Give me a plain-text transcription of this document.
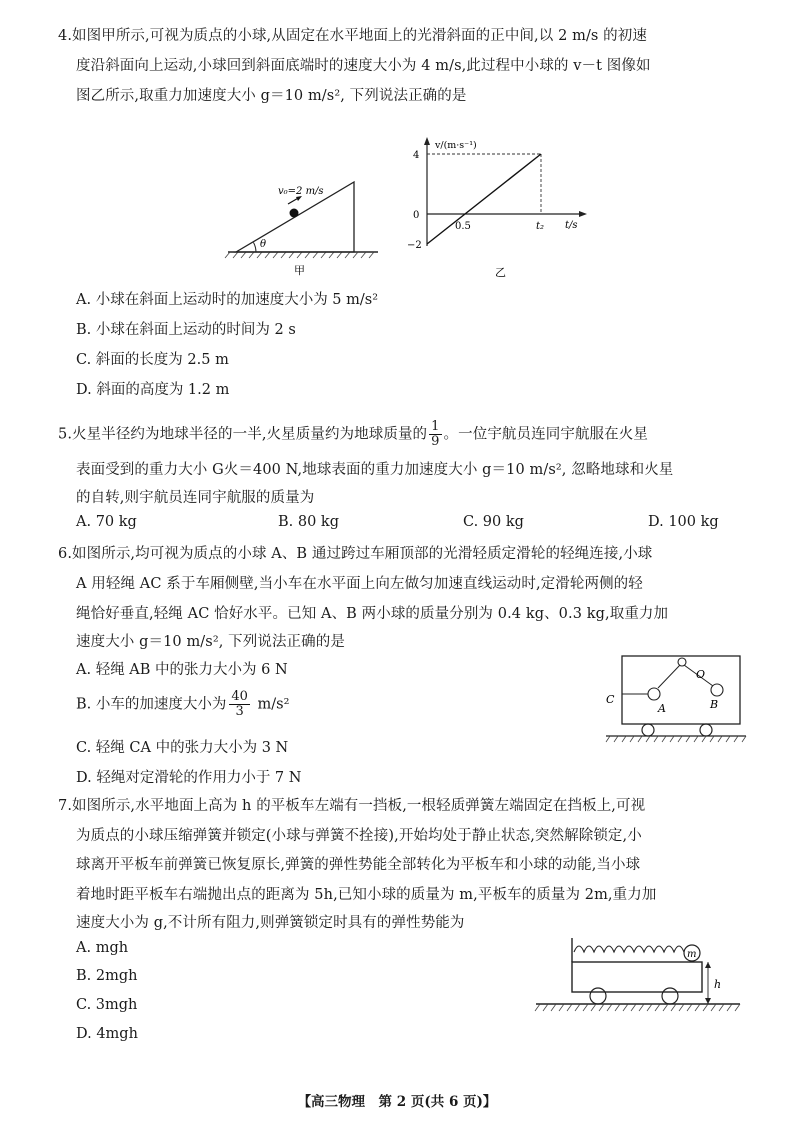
4.如图甲所示,可视为质点的小球,从固定在水平地面上的光滑斜面的正中间,以 2 m/s 的初速
度沿斜面向上运动,小球回到斜面底端时的速度大小为 4 m/s,此过程中小球的 v－t 图像如
图乙所示,取重力加速度大小 g＝10 m/s², 下列说法正确的是
θ
v₀=2 m/s
甲
v/(m·s⁻¹)
t/s
4
0
−2
0.5	t₂
乙
A. 小球在斜面上运动时的加速度大小为 5 m/s²
B. 小球在斜面上运动的时间为 2 s
C. 斜面的长度为 2.5 m
D. 斜面的高度为 1.2 m
5.火星半径约为地球半径的一半,火星质量约为地球质量的 $\frac{1}{9}$ 。一位宇航员连同宇航服在火星
表面受到的重力大小 G火＝400 N,地球表面的重力加速度大小 g＝10 m/s², 忽略地球和火星
的自转,则宇航员连同宇航服的质量为
A. 70 kg	B. 80 kg	C. 90 kg	D. 100 kg
6.如图所示,均可视为质点的小球 A、B 通过跨过车厢顶部的光滑轻质定滑轮的轻绳连接,小球
A 用轻绳 AC 系于车厢侧壁,当小车在水平面上向左做匀加速直线运动时,定滑轮两侧的轻
绳恰好垂直,轻绳 AC 恰好水平。已知 A、B 两小球的质量分别为 0.4 kg、0.3 kg,取重力加
速度大小 g＝10 m/s², 下列说法正确的是
A. 轻绳 AB 中的张力大小为 6 N
B. 小车的加速度大小为 $\frac{40}{3} m/s^2$
C. 轻绳 CA 中的张力大小为 3 N
D. 轻绳对定滑轮的作用力小于 7 N
C
O
A	B
7.如图所示,水平地面上高为 h 的平板车左端有一挡板,一根轻质弹簧左端固定在挡板上,可视
为质点的小球压缩弹簧并锁定(小球与弹簧不拴接),开始均处于静止状态,突然解除锁定,小
球离开平板车前弹簧已恢复原长,弹簧的弹性势能全部转化为平板车和小球的动能,当小球
着地时距平板车右端抛出点的距离为 5h,已知小球的质量为 m,平板车的质量为 2m,重力加
速度大小为 g,不计所有阻力,则弹簧锁定时具有的弹性势能为
A. mgh
B. 2mgh
C. 3mgh
D. 4mgh
m
h
【高三物理　第 2 页(共 6 页)】
